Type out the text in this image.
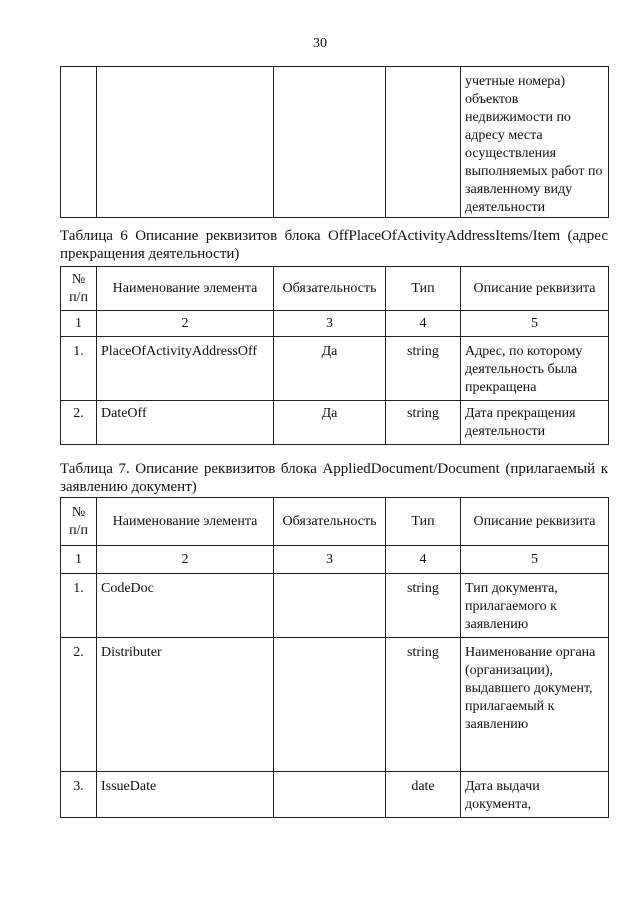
30
				учетные номера) объектов недвижимости по адресу места осуществления выполняемых работ по заявленному виду деятельности
Таблица 6 Описание реквизитов блока OffPlaceOfActivityAddressItems/Item (адрес прекращения деятельности)
№ п/п	Наименование элемента	Обязательность	Тип	Описание реквизита
1	2	3	4	5
1.	PlaceOfActivityAddressOff	Да	string	Адрес, по которому деятельность была прекращена
2.	DateOff	Да	string	Дата прекращения деятельности
Таблица 7. Описание реквизитов блока AppliedDocument/Document (прилагаемый к заявлению документ)
№ п/п	Наименование элемента	Обязательность	Тип	Описание реквизита
1	2	3	4	5
1.	CodeDoc		string	Тип документа, прилагаемого к заявлению
2.	Distributer		string	Наименование органа (организации), выдавшего документ, прилагаемый к заявлению
3.	IssueDate		date	Дата выдачи документа,
